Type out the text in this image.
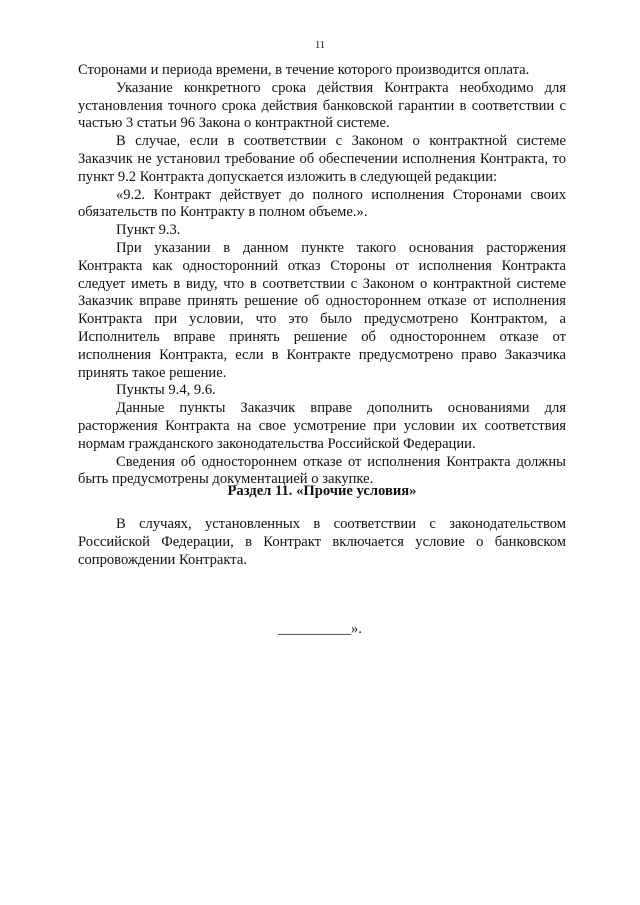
11

Сторонами и периода времени, в течение которого производится оплата.

Указание конкретного срока действия Контракта необходимо для установления точного срока действия банковской гарантии в соответствии с частью 3 статьи 96 Закона о контрактной системе.

В случае, если в соответствии с Законом о контрактной системе Заказчик не установил требование об обеспечении исполнения Контракта, то пункт 9.2 Контракта допускается изложить в следующей редакции:

«9.2. Контракт действует до полного исполнения Сторонами своих обязательств по Контракту в полном объеме.».

Пункт 9.3.

При указании в данном пункте такого основания расторжения Контракта как односторонний отказ Стороны от исполнения Контракта следует иметь в виду, что в соответствии с Законом о контрактной системе Заказчик вправе принять решение об одностороннем отказе от исполнения Контракта при условии, что это было предусмотрено Контрактом, а Исполнитель вправе принять решение об одностороннем отказе от исполнения Контракта, если в Контракте предусмотрено право Заказчика принять такое решение.

Пункты 9.4, 9.6.

Данные пункты Заказчик вправе дополнить основаниями для расторжения Контракта на свое усмотрение при условии их соответствия нормам гражданского законодательства Российской Федерации.

Сведения об одностороннем отказе от исполнения Контракта должны быть предусмотрены документацией о закупке.

Раздел 11. «Прочие условия»

В случаях, установленных в соответствии с законодательством Российской Федерации, в Контракт включается условие о банковском сопровождении Контракта.

__________».
